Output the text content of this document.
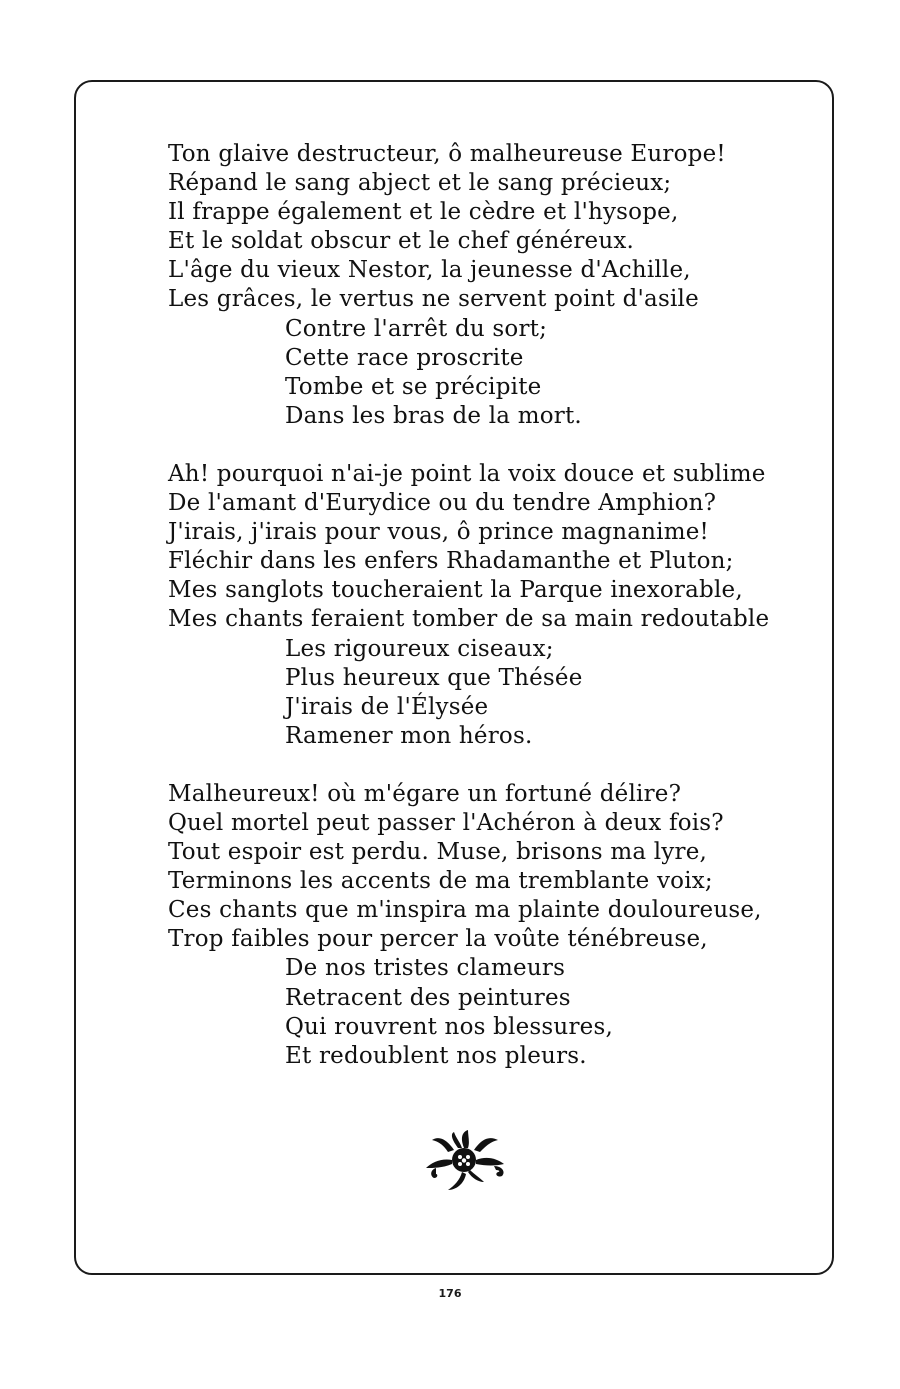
Ton glaive destructeur, ô malheureuse Europe!
Répand le sang abject et le sang précieux;
Il frappe également et le cèdre et l'hysope,
Et le soldat obscur et le chef généreux.
L'âge du vieux Nestor, la jeunesse d'Achille,
Les grâces, le vertus ne servent point d'asile
Contre l'arrêt du sort;
Cette race proscrite
Tombe et se précipite
Dans les bras de la mort.
Ah! pourquoi n'ai-je point la voix douce et sublime
De l'amant d'Eurydice ou du tendre Amphion?
J'irais, j'irais pour vous, ô prince magnanime!
Fléchir dans les enfers Rhadamanthe et Pluton;
Mes sanglots toucheraient la Parque inexorable,
Mes chants feraient tomber de sa main redoutable
Les rigoureux ciseaux;
Plus heureux que Thésée
J'irais de l'Élysée
Ramener mon héros.
Malheureux! où m'égare un fortuné délire?
Quel mortel peut passer l'Achéron à deux fois?
Tout espoir est perdu. Muse, brisons ma lyre,
Terminons les accents de ma tremblante voix;
Ces chants que m'inspira ma plainte douloureuse,
Trop faibles pour percer la voûte ténébreuse,
De nos tristes clameurs
Retracent des peintures
Qui rouvrent nos blessures,
Et redoublent nos pleurs.
176
